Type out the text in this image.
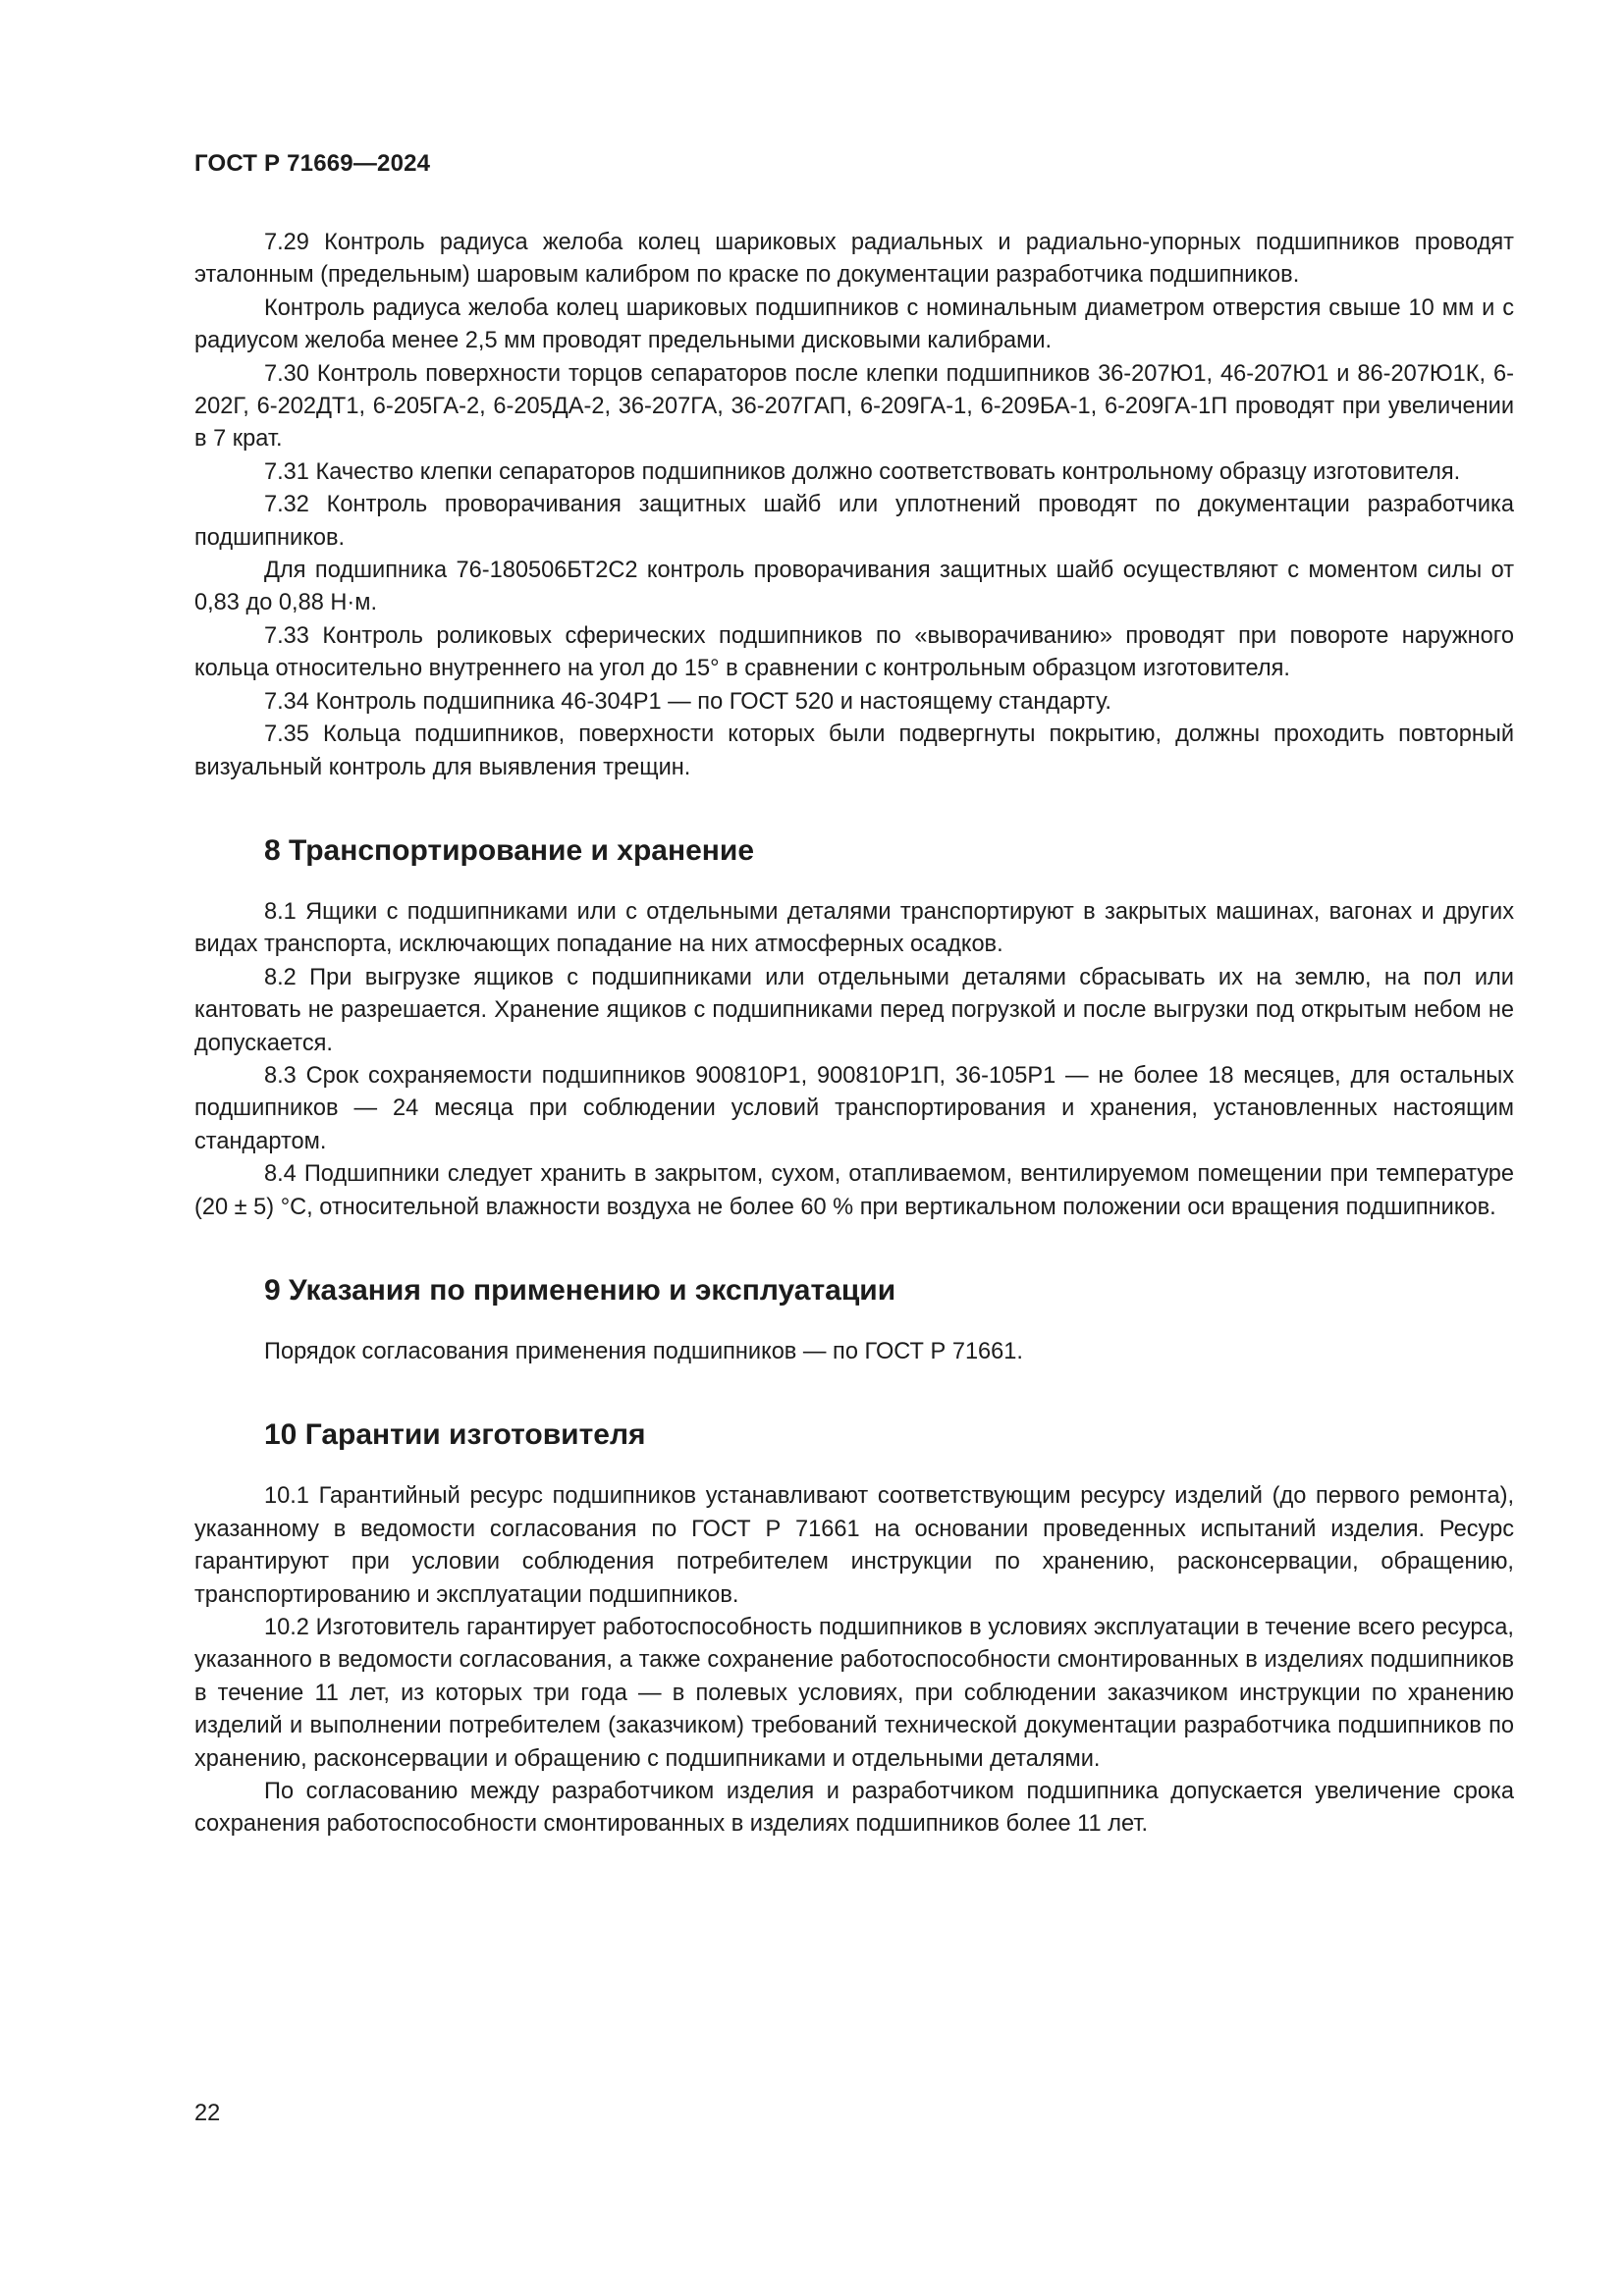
ГОСТ Р 71669—2024

7.29 Контроль радиуса желоба колец шариковых радиальных и радиально-упорных подшипников проводят эталонным (предельным) шаровым калибром по краске по документации разработчика подшипников.

Контроль радиуса желоба колец шариковых подшипников с номинальным диаметром отверстия свыше 10 мм и с радиусом желоба менее 2,5 мм проводят предельными дисковыми калибрами.

7.30 Контроль поверхности торцов сепараторов после клепки подшипников 36-207Ю1, 46-207Ю1 и 86-207Ю1К, 6-202Г, 6-202ДТ1, 6-205ГА-2, 6-205ДА-2, 36-207ГА, 36-207ГАП, 6-209ГА-1, 6-209БА-1, 6-209ГА-1П проводят при увеличении в 7 крат.

7.31 Качество клепки сепараторов подшипников должно соответствовать контрольному образцу изготовителя.

7.32 Контроль проворачивания защитных шайб или уплотнений проводят по документации разработчика подшипников.

Для подшипника 76-180506БТ2С2 контроль проворачивания защитных шайб осуществляют с моментом силы от 0,83 до 0,88 Н·м.

7.33 Контроль роликовых сферических подшипников по «выворачиванию» проводят при повороте наружного кольца относительно внутреннего на угол до 15° в сравнении с контрольным образцом изготовителя.

7.34 Контроль подшипника 46-304Р1 — по ГОСТ 520 и настоящему стандарту.

7.35 Кольца подшипников, поверхности которых были подвергнуты покрытию, должны проходить повторный визуальный контроль для выявления трещин.

8 Транспортирование и хранение

8.1 Ящики с подшипниками или с отдельными деталями транспортируют в закрытых машинах, вагонах и других видах транспорта, исключающих попадание на них атмосферных осадков.

8.2 При выгрузке ящиков с подшипниками или отдельными деталями сбрасывать их на землю, на пол или кантовать не разрешается. Хранение ящиков с подшипниками перед погрузкой и после выгрузки под открытым небом не допускается.

8.3 Срок сохраняемости подшипников 900810Р1, 900810Р1П, 36-105Р1 — не более 18 месяцев, для остальных подшипников — 24 месяца при соблюдении условий транспортирования и хранения, установленных настоящим стандартом.

8.4 Подшипники следует хранить в закрытом, сухом, отапливаемом, вентилируемом помещении при температуре (20 ± 5) °С, относительной влажности воздуха не более 60 % при вертикальном положении оси вращения подшипников.

9 Указания по применению и эксплуатации

Порядок согласования применения подшипников — по ГОСТ Р 71661.

10 Гарантии изготовителя

10.1 Гарантийный ресурс подшипников устанавливают соответствующим ресурсу изделий (до первого ремонта), указанному в ведомости согласования по ГОСТ Р 71661 на основании проведенных испытаний изделия. Ресурс гарантируют при условии соблюдения потребителем инструкции по хранению, расконсервации, обращению, транспортированию и эксплуатации подшипников.

10.2 Изготовитель гарантирует работоспособность подшипников в условиях эксплуатации в течение всего ресурса, указанного в ведомости согласования, а также сохранение работоспособности смонтированных в изделиях подшипников в течение 11 лет, из которых три года — в полевых условиях, при соблюдении заказчиком инструкции по хранению изделий и выполнении потребителем (заказчиком) требований технической документации разработчика подшипников по хранению, расконсервации и обращению с подшипниками и отдельными деталями.

По согласованию между разработчиком изделия и разработчиком подшипника допускается увеличение срока сохранения работоспособности смонтированных в изделиях подшипников более 11 лет.

22
